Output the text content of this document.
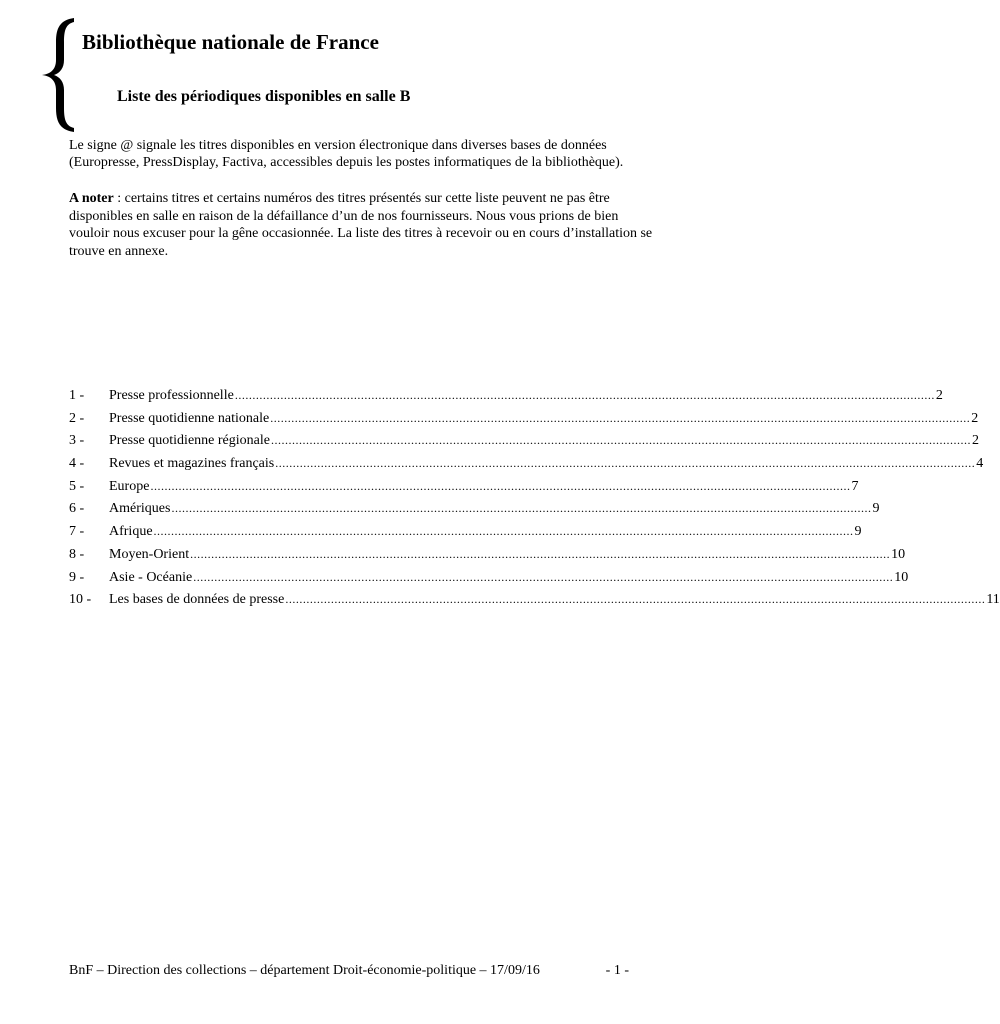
Bibliothèque nationale de France
Liste des périodiques disponibles en salle B

Le signe @ signale les titres disponibles en version électronique dans diverses bases de données (Europresse, PressDisplay, Factiva, accessibles depuis les postes informatiques de la bibliothèque).

A noter : certains titres et certains numéros des titres présentés sur cette liste peuvent ne pas être disponibles en salle en raison de la défaillance d’un de nos fournisseurs. Nous vous prions de bien vouloir nous excuser pour la gêne occasionnée. La liste des titres à recevoir ou en cours d’installation se trouve en annexe.

1 -	Presse professionnelle ........................................................................................................................................................................................................ 2
2 -	Presse quotidienne nationale ........................................................................................................................................................................................................ 2
3 -	Presse quotidienne régionale ........................................................................................................................................................................................................ 2
4 -	Revues et magazines français ........................................................................................................................................................................................................ 4
5 -	Europe ........................................................................................................................................................................................................ 7
6 -	Amériques ........................................................................................................................................................................................................ 9
7 -	Afrique ........................................................................................................................................................................................................ 9
8 -	Moyen-Orient ........................................................................................................................................................................................................ 10
9 -	Asie - Océanie ........................................................................................................................................................................................................ 10
10 -	Les bases de données de presse ........................................................................................................................................................................................................ 11
BnF – Direction des collections – département Droit-économie-politique – 17/09/16	- 1 -
